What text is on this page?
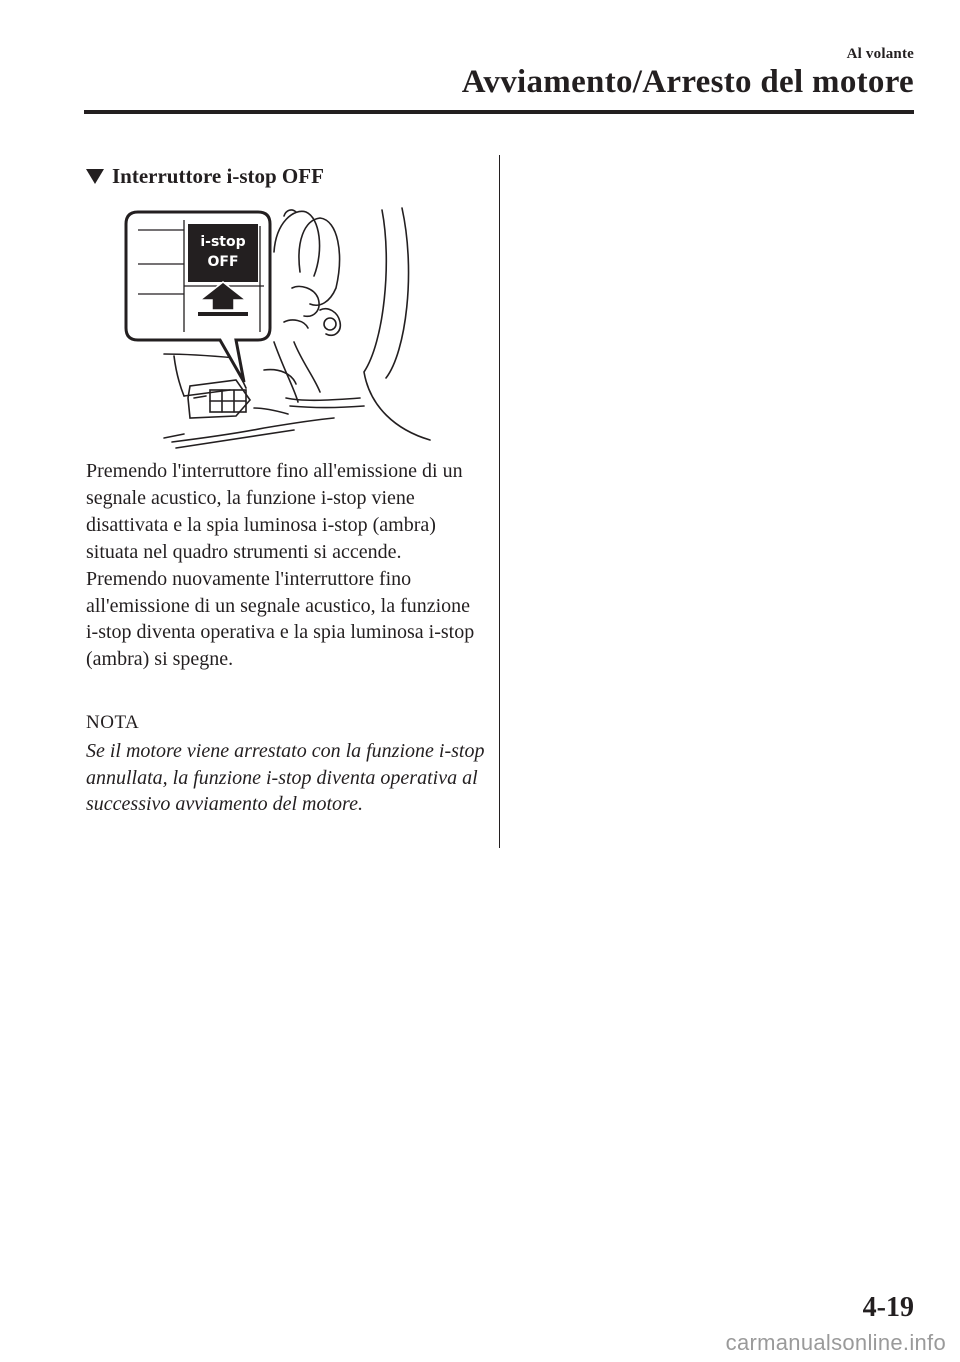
Al volante
Avviamento/Arresto del motore
Interruttore i-stop OFF
i-stop
OFF
Premendo l'interruttore fino all'emissione di un segnale acustico, la funzione i-stop viene disattivata e la spia luminosa i-stop (ambra) situata nel quadro strumenti si accende. Premendo nuovamente l'interruttore fino all'emissione di un segnale acustico, la funzione i-stop diventa operativa e la spia luminosa i-stop (ambra) si spegne.
NOTA
Se il motore viene arrestato con la funzione i-stop annullata, la funzione i-stop diventa operativa al successivo avviamento del motore.
4-19
carmanualsonline.info
